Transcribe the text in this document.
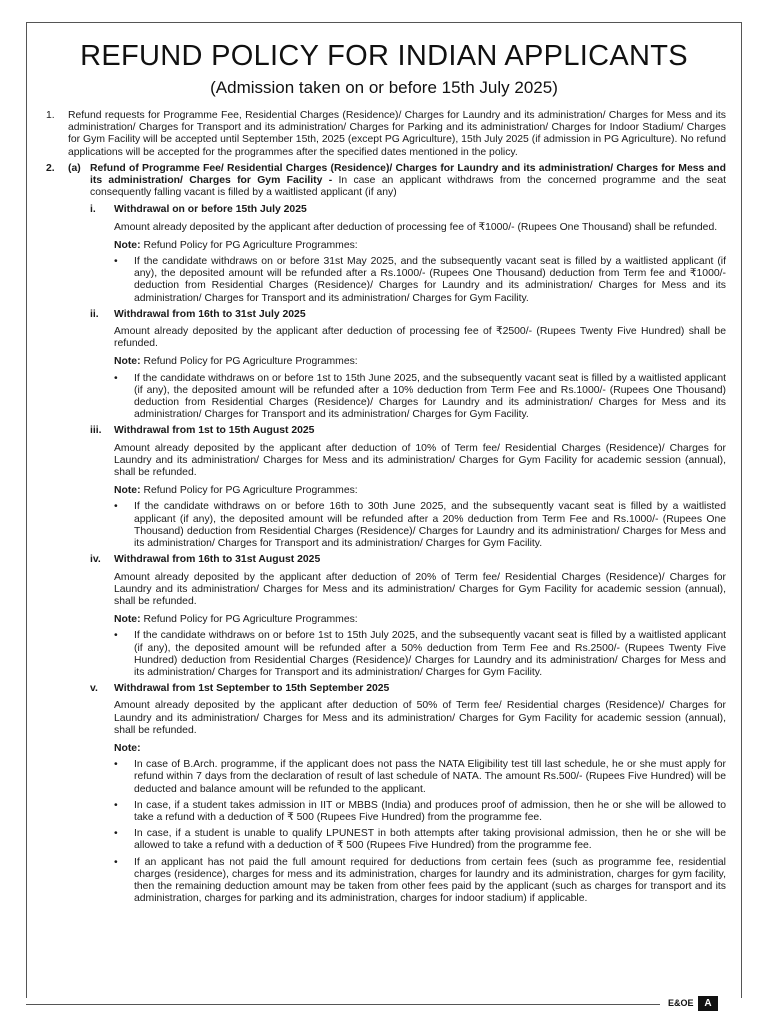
E&OE	A
REFUND POLICY FOR INDIAN APPLICANTS
(Admission taken on or before 15th July 2025)
1. Refund requests for Programme Fee, Residential Charges (Residence)/ Charges for Laundry and its administration/ Charges for Mess and its administration/ Charges for Transport and its administration/ Charges for Parking and its administration/ Charges for Indoor Stadium/ Charges for Gym Facility will be accepted until September 15th, 2025 (except PG Agriculture), 15th July 2025 (if admission in PG Agriculture). No refund applications will be accepted for the programmes after the specified dates mentioned in the policy.
2. (a) Refund of Programme Fee/ Residential Charges (Residence)/ Charges for Laundry and its administration/ Charges for Mess and its administration/ Charges for Gym Facility - In case an applicant withdraws from the concerned programme and the seat consequently falling vacant is filled by a waitlisted applicant (if any)
i. Withdrawal on or before 15th July 2025
Amount already deposited by the applicant after deduction of processing fee of ₹1000/- (Rupees One Thousand) shall be refunded.
Note: Refund Policy for PG Agriculture Programmes:
• If the candidate withdraws on or before 31st May 2025, and the subsequently vacant seat is filled by a waitlisted applicant (if any), the deposited amount will be refunded after a Rs.1000/- (Rupees One Thousand) deduction from Term fee and ₹1000/- deduction from Residential Charges (Residence)/ Charges for Laundry and its administration/ Charges for Mess and its administration/ Charges for Transport and its administration/ Charges for Gym Facility.
ii. Withdrawal from 16th to 31st July 2025
Amount already deposited by the applicant after deduction of processing fee of ₹2500/- (Rupees Twenty Five Hundred) shall be refunded.
Note: Refund Policy for PG Agriculture Programmes:
• If the candidate withdraws on or before 1st to 15th June 2025, and the subsequently vacant seat is filled by a waitlisted applicant (if any), the deposited amount will be refunded after a 10% deduction from Term Fee and Rs.1000/- (Rupees One Thousand) deduction from Residential Charges (Residence)/ Charges for Laundry and its administration/ Charges for Mess and its administration/ Charges for Transport and its administration/ Charges for Gym Facility.
iii. Withdrawal from 1st to 15th August 2025
Amount already deposited by the applicant after deduction of 10% of Term fee/ Residential Charges (Residence)/ Charges for Laundry and its administration/ Charges for Mess and its administration/ Charges for Gym Facility for academic session (annual), shall be refunded.
Note: Refund Policy for PG Agriculture Programmes:
• If the candidate withdraws on or before 16th to 30th June 2025, and the subsequently vacant seat is filled by a waitlisted applicant (if any), the deposited amount will be refunded after a 20% deduction from Term Fee and Rs.1000/- (Rupees One Thousand) deduction from Residential Charges (Residence)/ Charges for Laundry and its administration/ Charges for Mess and its administration/ Charges for Transport and its administration/ Charges for Gym Facility.
iv. Withdrawal from 16th to 31st August 2025
Amount already deposited by the applicant after deduction of 20% of Term fee/ Residential Charges (Residence)/ Charges for Laundry and its administration/ Charges for Mess and its administration/ Charges for Gym Facility for academic session (annual), shall be refunded.
Note: Refund Policy for PG Agriculture Programmes:
• If the candidate withdraws on or before 1st to 15th July 2025, and the subsequently vacant seat is filled by a waitlisted applicant (if any), the deposited amount will be refunded after a 50% deduction from Term Fee and Rs.2500/- (Rupees Twenty Five Hundred) deduction from Residential Charges (Residence)/ Charges for Laundry and its administration/ Charges for Mess and its administration/ Charges for Transport and its administration/ Charges for Gym Facility.
v. Withdrawal from 1st September to 15th September 2025
Amount already deposited by the applicant after deduction of 50% of Term fee/ Residential charges (Residence)/ Charges for Laundry and its administration/ Charges for Mess and its administration/ Charges for Gym Facility for academic session (annual), shall be refunded.
Note:
• In case of B.Arch. programme, if the applicant does not pass the NATA Eligibility test till last schedule, he or she must apply for refund within 7 days from the declaration of result of last schedule of NATA. The amount Rs.500/- (Rupees Five Hundred) will be deducted and balance amount will be refunded to the applicant.
• In case, if a student takes admission in IIT or MBBS (India) and produces proof of admission, then he or she will be allowed to take a refund with a deduction of ₹ 500 (Rupees Five Hundred) from the programme fee.
• In case, if a student is unable to qualify LPUNEST in both attempts after taking provisional admission, then he or she will be allowed to take a refund with a deduction of ₹ 500 (Rupees Five Hundred) from the programme fee.
• If an applicant has not paid the full amount required for deductions from certain fees (such as programme fee, residential charges (residence), charges for mess and its administration, charges for laundry and its administration, charges for gym facility, then the remaining deduction amount may be taken from other fees paid by the applicant (such as charges for transport and its administration, charges for parking and its administration, charges for indoor stadium) if applicable.
